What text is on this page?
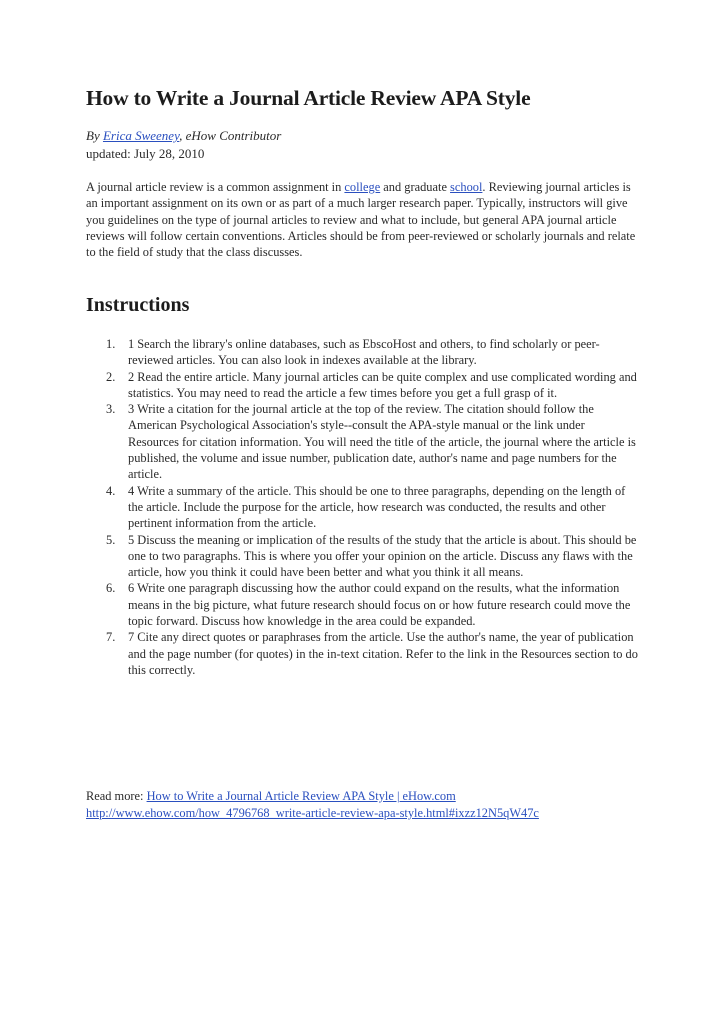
How to Write a Journal Article Review APA Style
By Erica Sweeney, eHow Contributor
updated: July 28, 2010
A journal article review is a common assignment in college and graduate school. Reviewing journal articles is an important assignment on its own or as part of a much larger research paper. Typically, instructors will give you guidelines on the type of journal articles to review and what to include, but general APA journal article reviews will follow certain conventions. Articles should be from peer-reviewed or scholarly journals and relate to the field of study that the class discusses.
Instructions
1.	1 Search the library's online databases, such as EbscoHost and others, to find scholarly or peer-reviewed articles. You can also look in indexes available at the library.
2.	2 Read the entire article. Many journal articles can be quite complex and use complicated wording and statistics. You may need to read the article a few times before you get a full grasp of it.
3.	3 Write a citation for the journal article at the top of the review. The citation should follow the American Psychological Association's style--consult the APA-style manual or the link under Resources for citation information. You will need the title of the article, the journal where the article is published, the volume and issue number, publication date, author's name and page numbers for the article.
4.	4 Write a summary of the article. This should be one to three paragraphs, depending on the length of the article. Include the purpose for the article, how research was conducted, the results and other pertinent information from the article.
5.	5 Discuss the meaning or implication of the results of the study that the article is about. This should be one to two paragraphs. This is where you offer your opinion on the article. Discuss any flaws with the article, how you think it could have been better and what you think it all means.
6.	6 Write one paragraph discussing how the author could expand on the results, what the information means in the big picture, what future research should focus on or how future research could move the topic forward. Discuss how knowledge in the area could be expanded.
7.	7 Cite any direct quotes or paraphrases from the article. Use the author's name, the year of publication and the page number (for quotes) in the in-text citation. Refer to the link in the Resources section to do this correctly.
Read more: How to Write a Journal Article Review APA Style | eHow.com
http://www.ehow.com/how_4796768_write-article-review-apa-style.html#ixzz12N5qW47c
